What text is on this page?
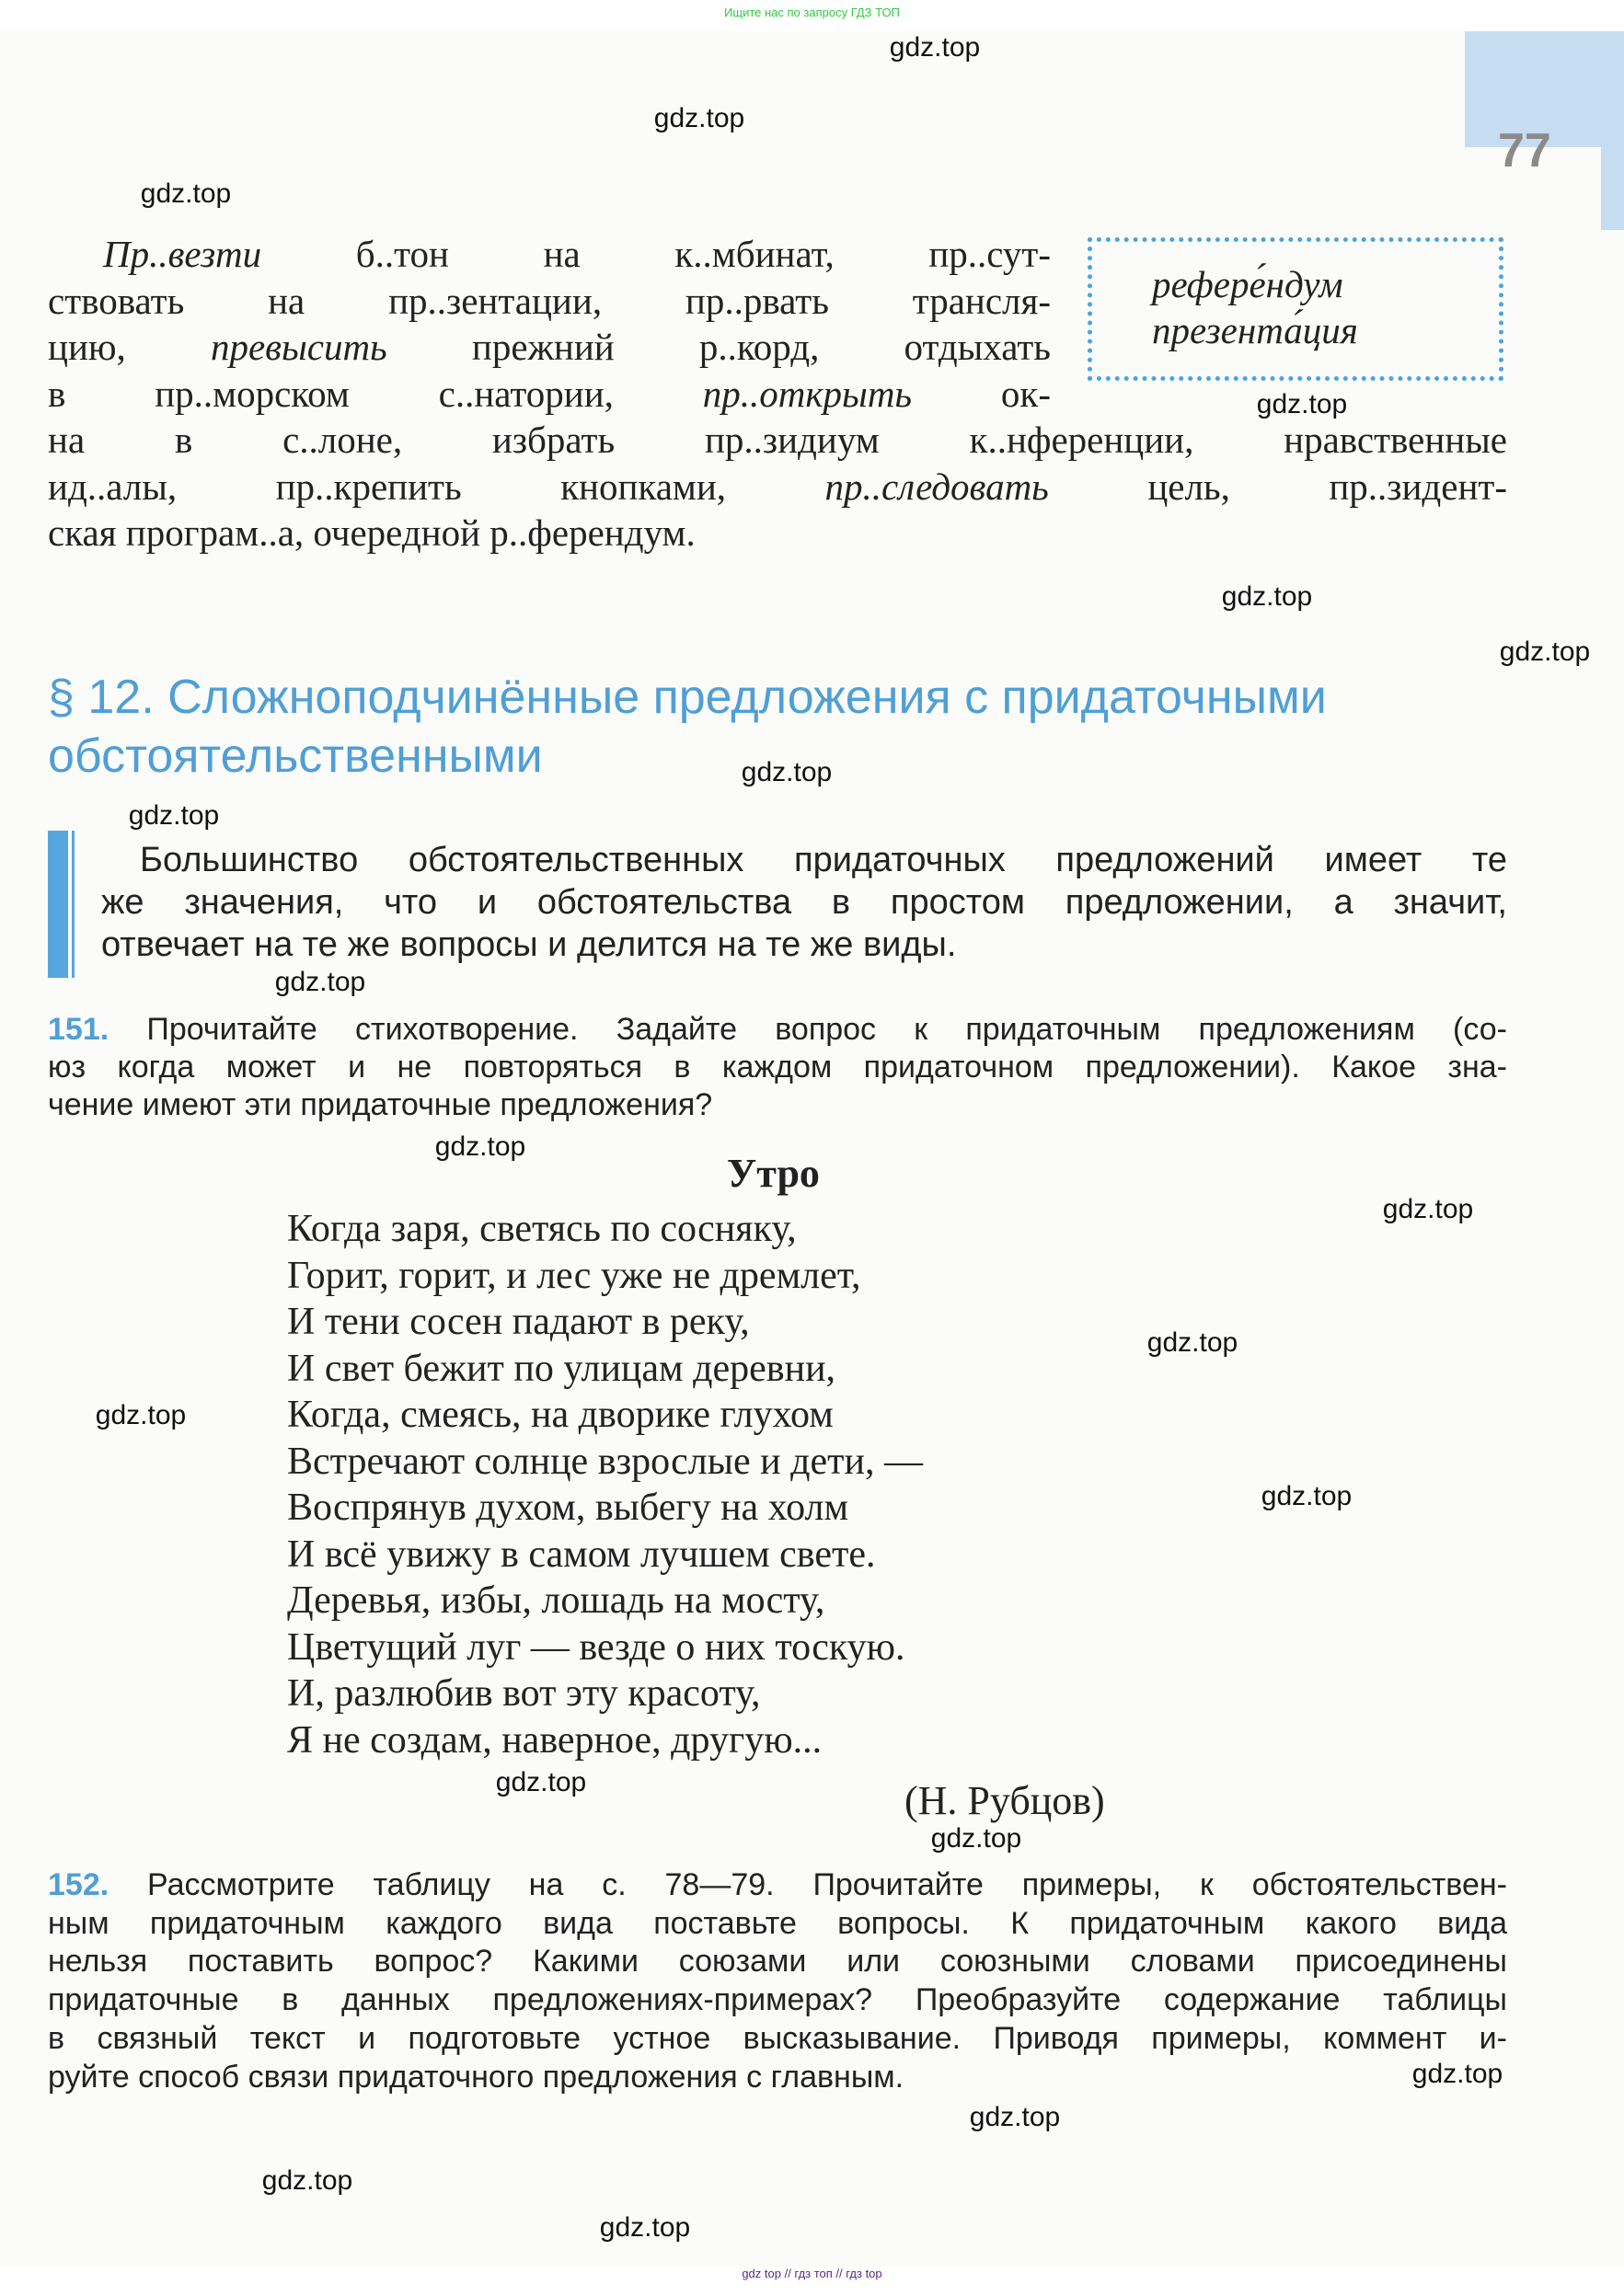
Ищите нас по запросу ГДЗ ТОП
77
Пр..везти б..тон на к..мбинат, пр..сут-
ствовать на пр..зентации, пр..рвать трансля-
цию, превысить прежний р..корд, отдыхать
в пр..морском с..натории, пр..открыть ок-
на в с..лоне, избрать пр..зидиум к..нференции, нравственные
ид..алы, пр..крепить кнопками, пр..следовать цель, пр..зидент-
ская програм..а, очередной р..ферендум.
рефере́ндум
презента́ция
§ 12. Сложноподчинённые предложения с придаточными
обстоятельственными
Большинство обстоятельственных придаточных предложений имеет те
же значения, что и обстоятельства в простом предложении, а значит,
отвечает на те же вопросы и делится на те же виды.
151. Прочитайте стихотворение. Задайте вопрос к придаточным предложениям (со-
юз когда может и не повторяться в каждом придаточном предложении). Какое зна-
чение имеют эти придаточные предложения?
Утро
Когда заря, светясь по сосняку,
Горит, горит, и лес уже не дремлет,
И тени сосен падают в реку,
И свет бежит по улицам деревни,
Когда, смеясь, на дворике глухом
Встречают солнце взрослые и дети, —
Воспрянув духом, выбегу на холм
И всё увижу в самом лучшем свете.
Деревья, избы, лошадь на мосту,
Цветущий луг — везде о них тоскую.
И, разлюбив вот эту красоту,
Я не создам, наверное, другую...
(Н. Рубцов)
152. Рассмотрите таблицу на с. 78—79. Прочитайте примеры, к обстоятельствен-
ным придаточным каждого вида поставьте вопросы. К придаточным какого вида
нельзя поставить вопрос? Какими союзами или союзными словами присоединены
придаточные в данных предложениях-примерах? Преобразуйте содержание таблицы
в связный текст и подготовьте устное высказывание. Приводя примеры, коммент и-
руйте способ связи придаточного предложения с главным.
gdz.top
gdz.top
gdz.top
gdz.top
gdz.top
gdz.top
gdz.top
gdz.top
gdz.top
gdz.top
gdz.top
gdz.top
gdz.top
gdz.top
gdz.top
gdz.top
gdz.top
gdz.top
gdz.top
gdz.top
gdz top // гдз топ // гдз top
